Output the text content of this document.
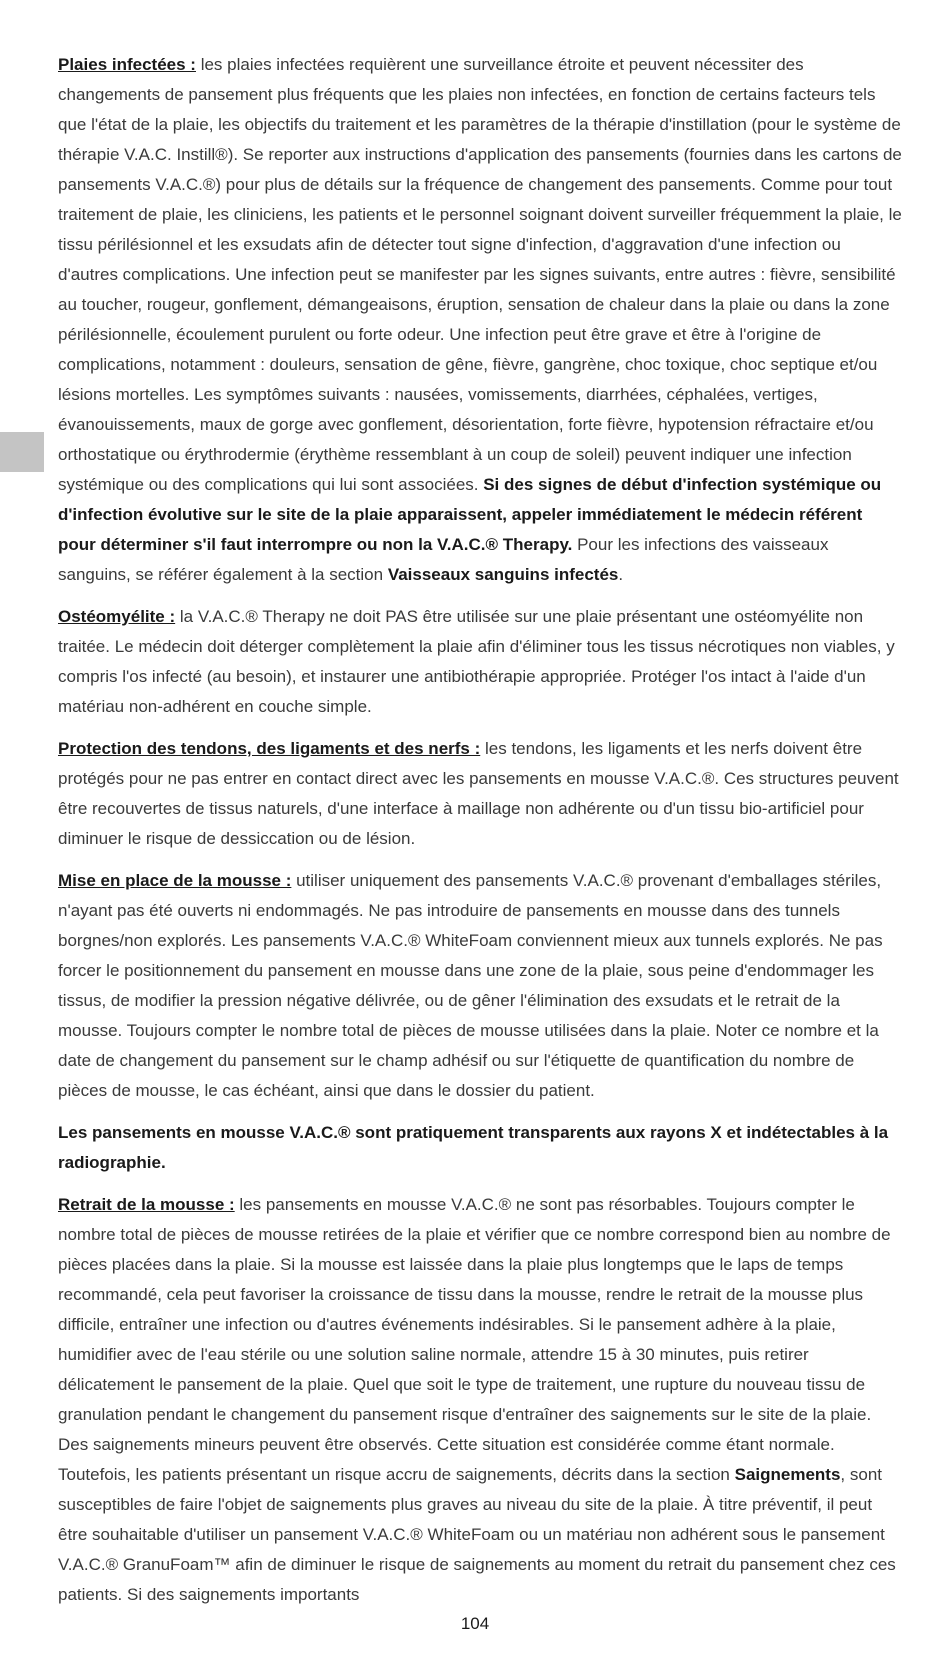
Plaies infectées : les plaies infectées requièrent une surveillance étroite et peuvent nécessiter des changements de pansement plus fréquents que les plaies non infectées, en fonction de certains facteurs tels que l'état de la plaie, les objectifs du traitement et les paramètres de la thérapie d'instillation (pour le système de thérapie V.A.C. Instill®). Se reporter aux instructions d'application des pansements (fournies dans les cartons de pansements V.A.C.®) pour plus de détails sur la fréquence de changement des pansements. Comme pour tout traitement de plaie, les cliniciens, les patients et le personnel soignant doivent surveiller fréquemment la plaie, le tissu périlésionnel et les exsudats afin de détecter tout signe d'infection, d'aggravation d'une infection ou d'autres complications. Une infection peut se manifester par les signes suivants, entre autres : fièvre, sensibilité au toucher, rougeur, gonflement, démangeaisons, éruption, sensation de chaleur dans la plaie ou dans la zone périlésionnelle, écoulement purulent ou forte odeur. Une infection peut être grave et être à l'origine de complications, notamment : douleurs, sensation de gêne, fièvre, gangrène, choc toxique, choc septique et/ou lésions mortelles. Les symptômes suivants : nausées, vomissements, diarrhées, céphalées, vertiges, évanouissements, maux de gorge avec gonflement, désorientation, forte fièvre, hypotension réfractaire et/ou orthostatique ou érythrodermie (érythème ressemblant à un coup de soleil) peuvent indiquer une infection systémique ou des complications qui lui sont associées. Si des signes de début d'infection systémique ou d'infection évolutive sur le site de la plaie apparaissent, appeler immédiatement le médecin référent pour déterminer s'il faut interrompre ou non la V.A.C.® Therapy. Pour les infections des vaisseaux sanguins, se référer également à la section Vaisseaux sanguins infectés.

Ostéomyélite : la V.A.C.® Therapy ne doit PAS être utilisée sur une plaie présentant une ostéomyélite non traitée. Le médecin doit déterger complètement la plaie afin d'éliminer tous les tissus nécrotiques non viables, y compris l'os infecté (au besoin), et instaurer une antibiothérapie appropriée. Protéger l'os intact à l'aide d'un matériau non-adhérent en couche simple.

Protection des tendons, des ligaments et des nerfs : les tendons, les ligaments et les nerfs doivent être protégés pour ne pas entrer en contact direct avec les pansements en mousse V.A.C.®. Ces structures peuvent être recouvertes de tissus naturels, d'une interface à maillage non adhérente ou d'un tissu bio-artificiel pour diminuer le risque de dessiccation ou de lésion.

Mise en place de la mousse : utiliser uniquement des pansements V.A.C.® provenant d'emballages stériles, n'ayant pas été ouverts ni endommagés. Ne pas introduire de pansements en mousse dans des tunnels borgnes/non explorés. Les pansements V.A.C.® WhiteFoam conviennent mieux aux tunnels explorés. Ne pas forcer le positionnement du pansement en mousse dans une zone de la plaie, sous peine d'endommager les tissus, de modifier la pression négative délivrée, ou de gêner l'élimination des exsudats et le retrait de la mousse. Toujours compter le nombre total de pièces de mousse utilisées dans la plaie. Noter ce nombre et la date de changement du pansement sur le champ adhésif ou sur l'étiquette de quantification du nombre de pièces de mousse, le cas échéant, ainsi que dans le dossier du patient.

Les pansements en mousse V.A.C.® sont pratiquement transparents aux rayons X et indétectables à la radiographie.

Retrait de la mousse : les pansements en mousse V.A.C.® ne sont pas résorbables. Toujours compter le nombre total de pièces de mousse retirées de la plaie et vérifier que ce nombre correspond bien au nombre de pièces placées dans la plaie. Si la mousse est laissée dans la plaie plus longtemps que le laps de temps recommandé, cela peut favoriser la croissance de tissu dans la mousse, rendre le retrait de la mousse plus difficile, entraîner une infection ou d'autres événements indésirables. Si le pansement adhère à la plaie, humidifier avec de l'eau stérile ou une solution saline normale, attendre 15 à 30 minutes, puis retirer délicatement le pansement de la plaie. Quel que soit le type de traitement, une rupture du nouveau tissu de granulation pendant le changement du pansement risque d'entraîner des saignements sur le site de la plaie. Des saignements mineurs peuvent être observés. Cette situation est considérée comme étant normale. Toutefois, les patients présentant un risque accru de saignements, décrits dans la section Saignements, sont susceptibles de faire l'objet de saignements plus graves au niveau du site de la plaie. À titre préventif, il peut être souhaitable d'utiliser un pansement V.A.C.® WhiteFoam ou un matériau non adhérent sous le pansement V.A.C.® GranuFoam™ afin de diminuer le risque de saignements au moment du retrait du pansement chez ces patients. Si des saignements importants

104
